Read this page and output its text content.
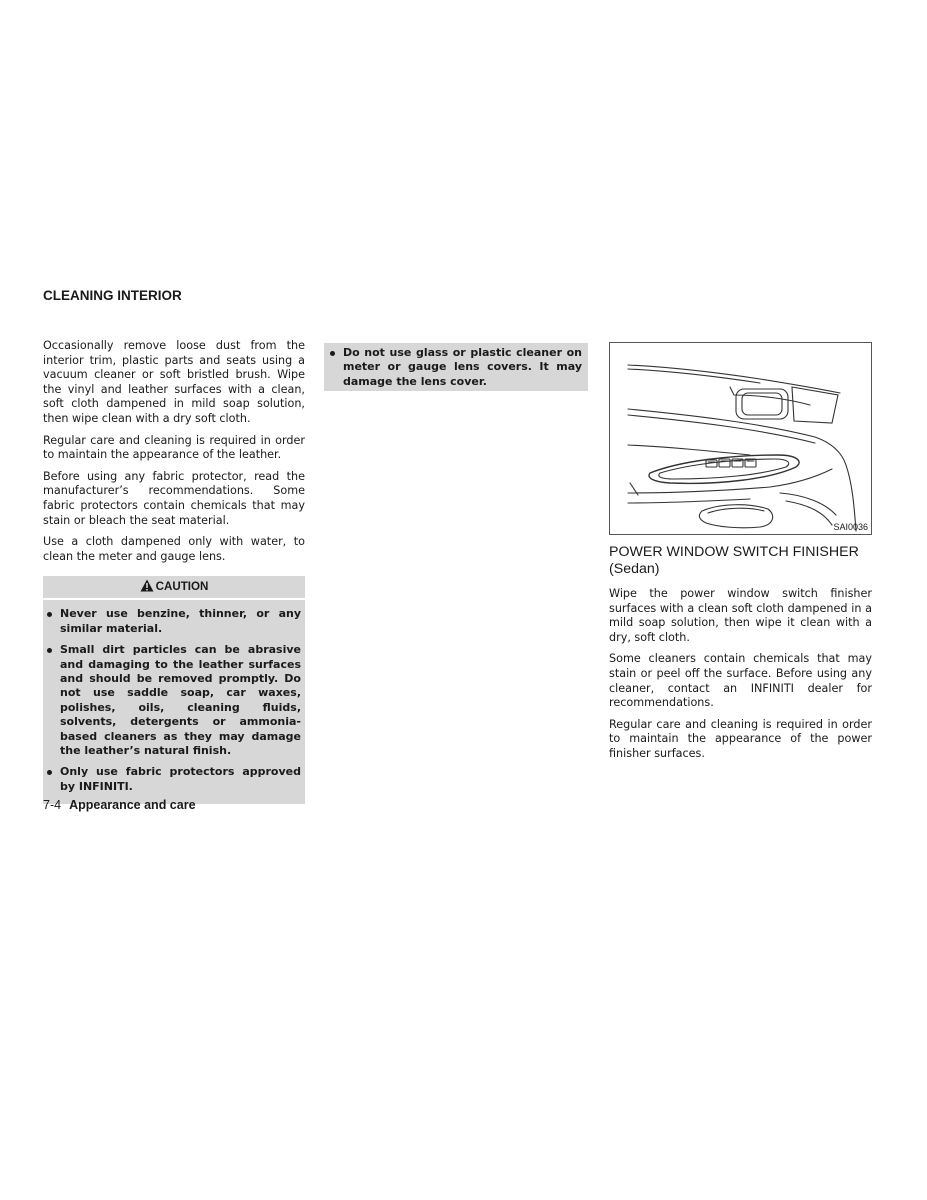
CLEANING INTERIOR

Occasionally remove loose dust from the interior trim, plastic parts and seats using a vacuum cleaner or soft bristled brush. Wipe the vinyl and leather surfaces with a clean, soft cloth dampened in mild soap solution, then wipe clean with a dry soft cloth.

Regular care and cleaning is required in order to maintain the appearance of the leather.

Before using any fabric protector, read the manufacturer’s recommendations. Some fabric protectors contain chemicals that may stain or bleach the seat material.

Use a cloth dampened only with water, to clean the meter and gauge lens.

CAUTION
Never use benzine, thinner, or any similar material.
Small dirt particles can be abrasive and damaging to the leather surfaces and should be removed promptly. Do not use saddle soap, car waxes, polishes, oils, cleaning fluids, solvents, detergents or ammonia-based cleaners as they may damage the leather’s natural finish.
Only use fabric protectors approved by INFINITI.
Do not use glass or plastic cleaner on meter or gauge lens covers. It may damage the lens cover.
SAI0036
POWER WINDOW SWITCH FINISHER
(Sedan)

Wipe the power window switch finisher surfaces with a clean soft cloth dampened in a mild soap solution, then wipe it clean with a dry, soft cloth.

Some cleaners contain chemicals that may stain or peel off the surface. Before using any cleaner, contact an INFINITI dealer for recommendations.

Regular care and cleaning is required in order to maintain the appearance of the power finisher surfaces.

7-4 Appearance and care
